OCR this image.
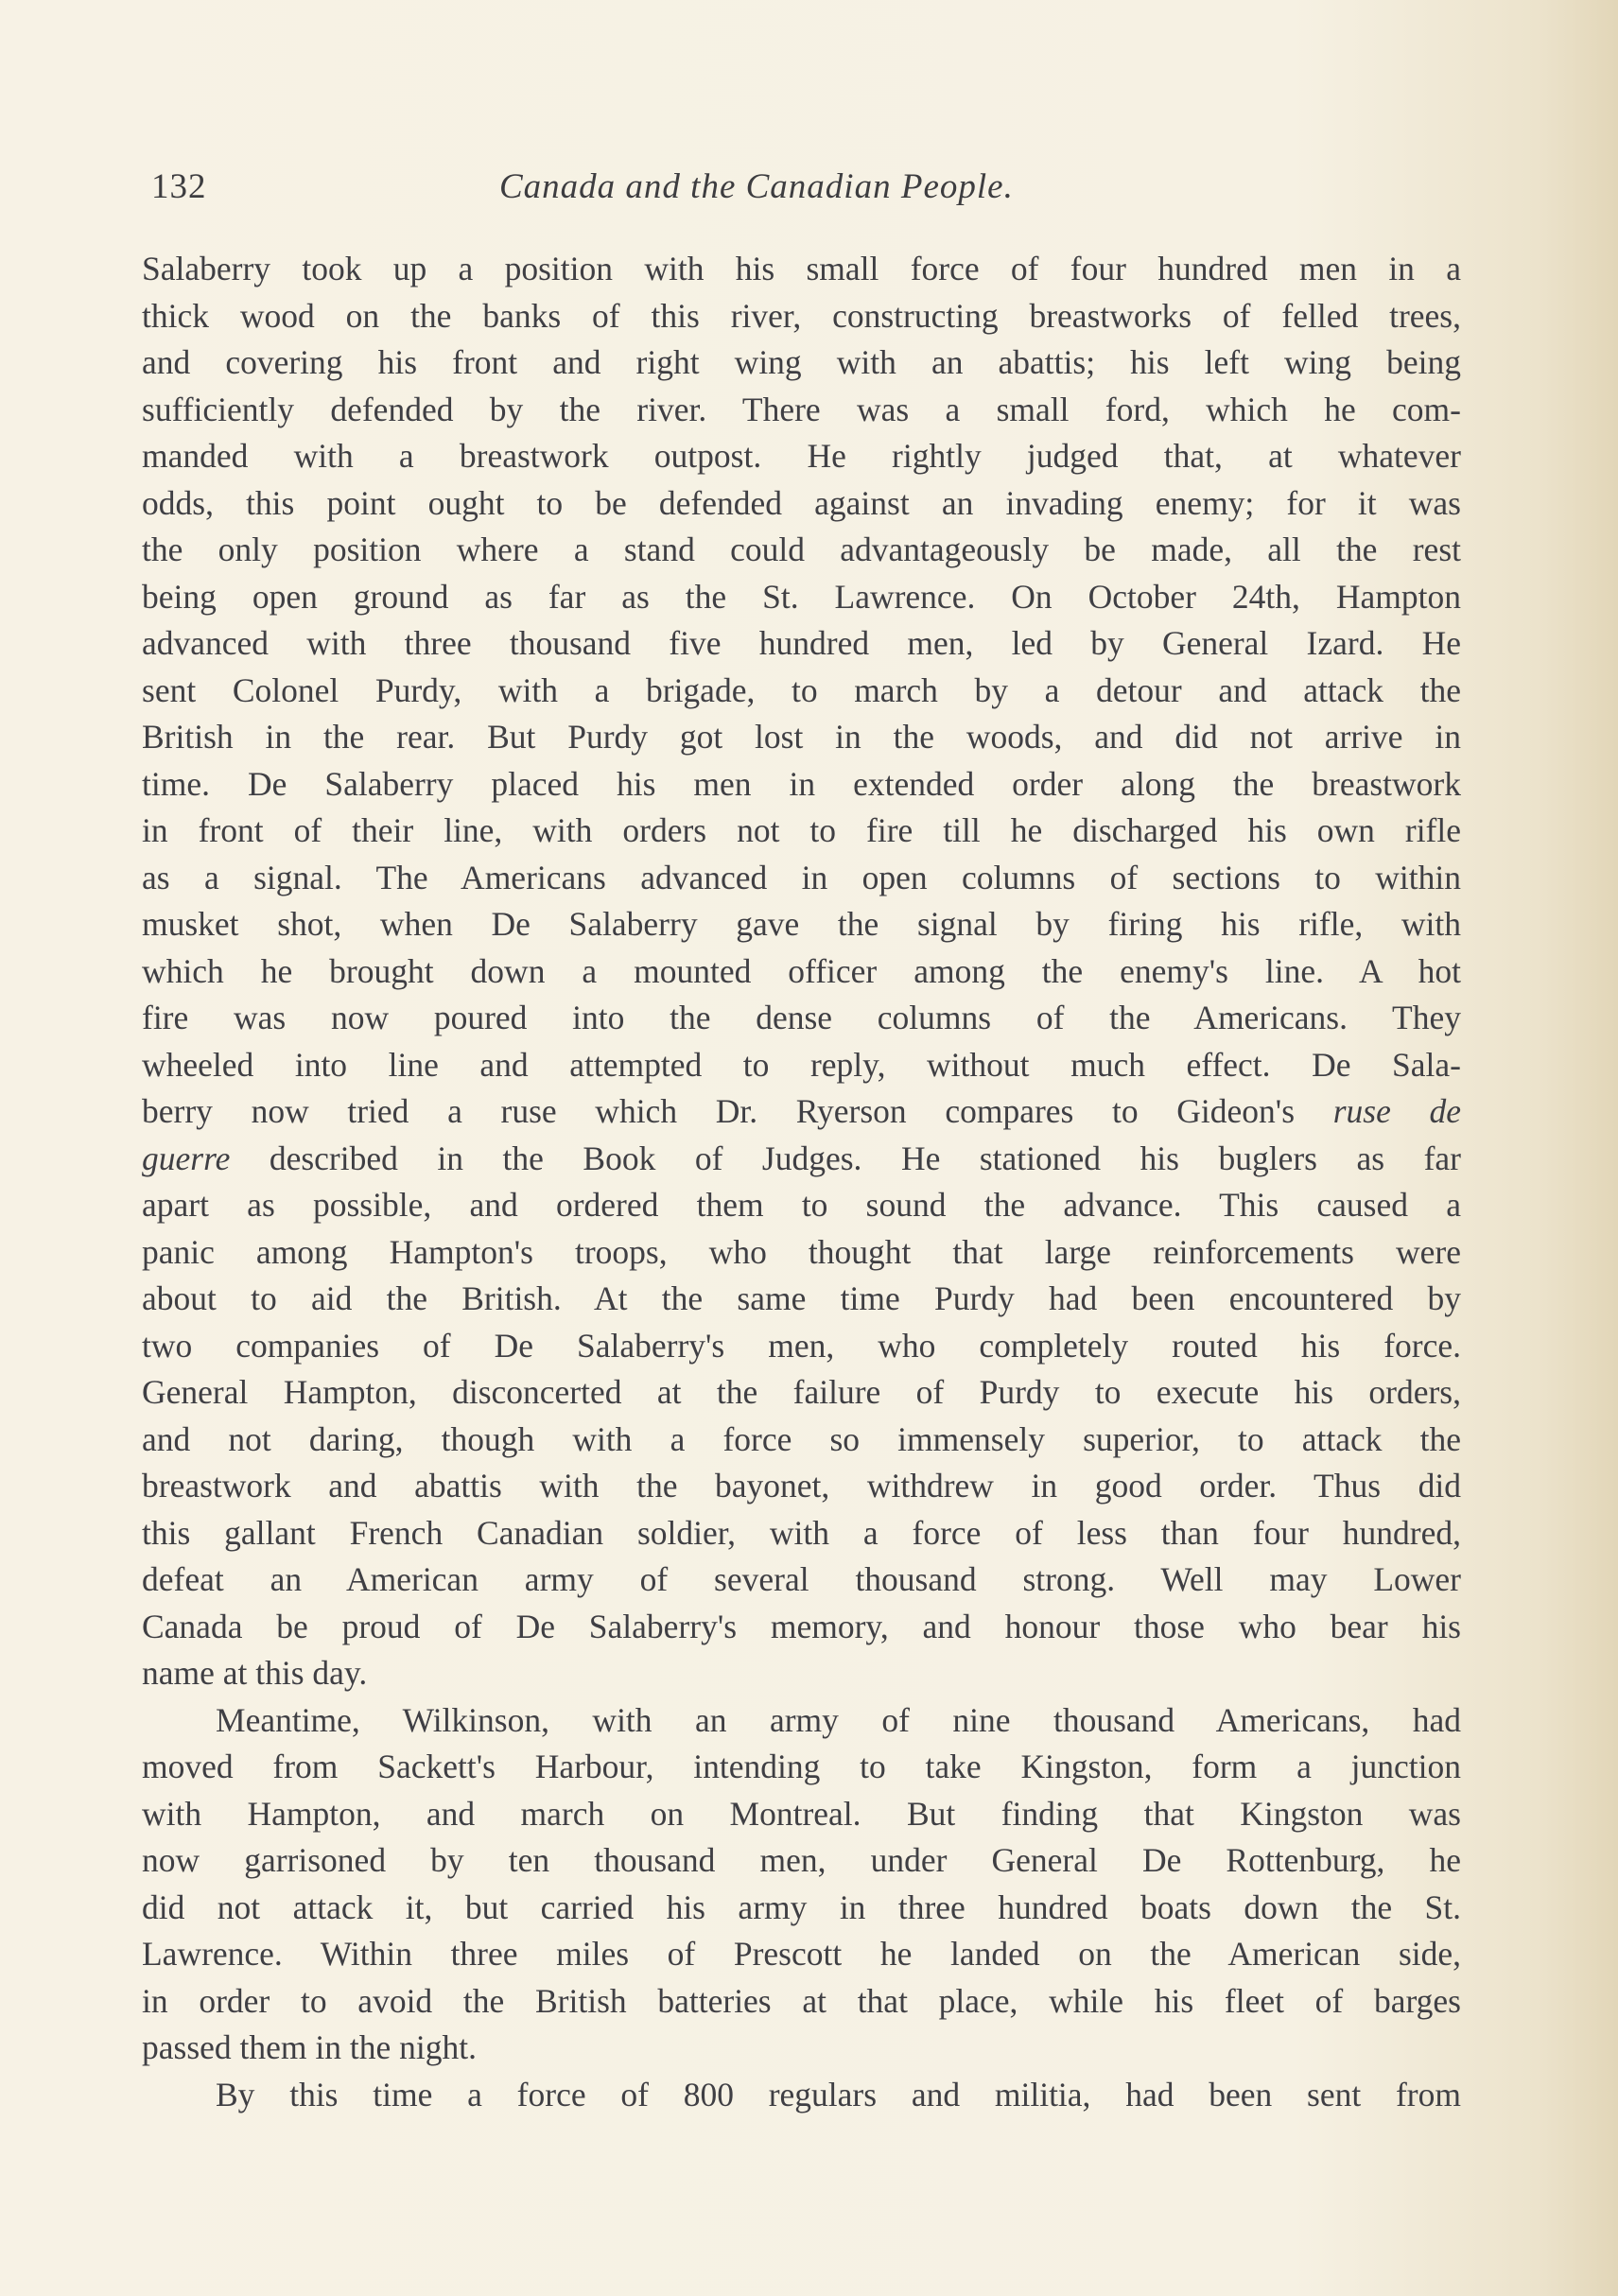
132	Canada and the Canadian People.
Salaberry took up a position with his small force of four hundred men in a
thick wood on the banks of this river, constructing breastworks of felled trees,
and covering his front and right wing with an abattis; his left wing being
sufficiently defended by the river. There was a small ford, which he com-
manded with a breastwork outpost. He rightly judged that, at whatever
odds, this point ought to be defended against an invading enemy; for it was
the only position where a stand could advantageously be made, all the rest
being open ground as far as the St. Lawrence. On October 24th, Hampton
advanced with three thousand five hundred men, led by General Izard. He
sent Colonel Purdy, with a brigade, to march by a detour and attack the
British in the rear. But Purdy got lost in the woods, and did not arrive in
time. De Salaberry placed his men in extended order along the breastwork
in front of their line, with orders not to fire till he discharged his own rifle
as a signal. The Americans advanced in open columns of sections to within
musket shot, when De Salaberry gave the signal by firing his rifle, with
which he brought down a mounted officer among the enemy's line. A hot
fire was now poured into the dense columns of the Americans. They
wheeled into line and attempted to reply, without much effect. De Sala-
berry now tried a ruse which Dr. Ryerson compares to Gideon's ruse de
guerre described in the Book of Judges. He stationed his buglers as far
apart as possible, and ordered them to sound the advance. This caused a
panic among Hampton's troops, who thought that large reinforcements were
about to aid the British. At the same time Purdy had been encountered by
two companies of De Salaberry's men, who completely routed his force.
General Hampton, disconcerted at the failure of Purdy to execute his orders,
and not daring, though with a force so immensely superior, to attack the
breastwork and abattis with the bayonet, withdrew in good order. Thus did
this gallant French Canadian soldier, with a force of less than four hundred,
defeat an American army of several thousand strong. Well may Lower
Canada be proud of De Salaberry's memory, and honour those who bear his
name at this day.
Meantime, Wilkinson, with an army of nine thousand Americans, had
moved from Sackett's Harbour, intending to take Kingston, form a junction
with Hampton, and march on Montreal. But finding that Kingston was
now garrisoned by ten thousand men, under General De Rottenburg, he
did not attack it, but carried his army in three hundred boats down the St.
Lawrence. Within three miles of Prescott he landed on the American side,
in order to avoid the British batteries at that place, while his fleet of barges
passed them in the night.
By this time a force of 800 regulars and militia, had been sent from
